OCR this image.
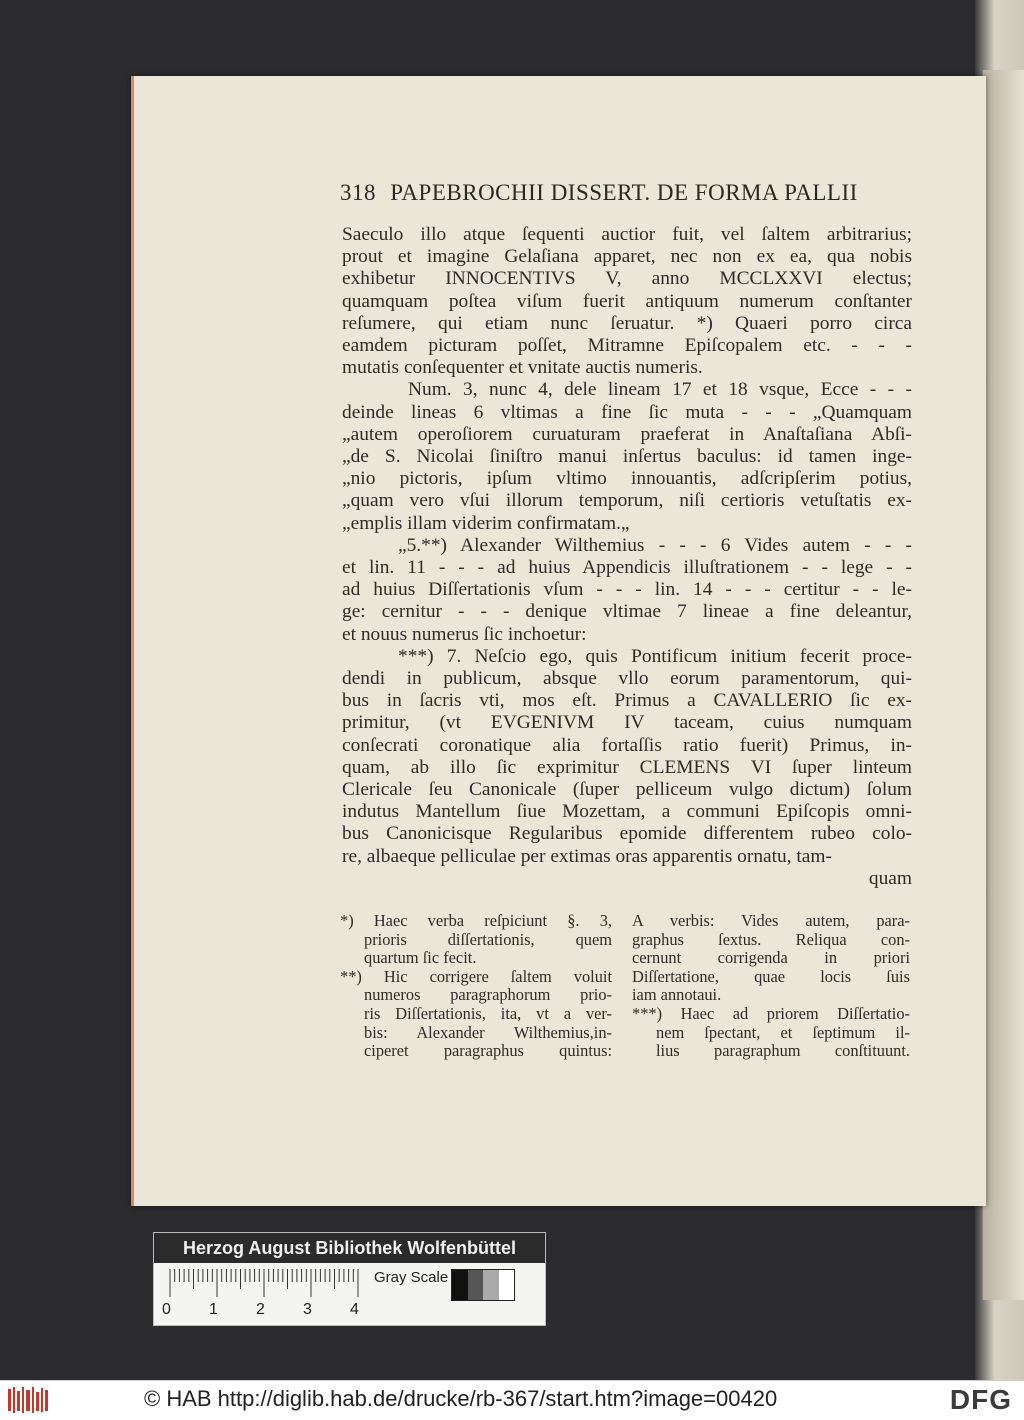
318 PAPEBROCHII DISSERT. DE FORMA PALLII
Saeculo illo atque ſequenti auctior fuit, vel ſaltem arbitrarius;
prout et imagine Gelaſiana apparet, nec non ex ea, qua nobis
exhibetur INNOCENTIVS V, anno MCCLXXVI electus;
quamquam poſtea viſum fuerit antiquum numerum conſtanter
reſumere, qui etiam nunc ſeruatur. *) Quaeri porro circa
eamdem picturam poſſet, Mitramne Epiſcopalem etc. - - -
mutatis conſequenter et vnitate auctis numeris.
Num. 3, nunc 4, dele lineam 17 et 18 vsque, Ecce - - -
deinde lineas 6 vltimas a fine ſic muta - - - „Quamquam
„autem operoſiorem curuaturam praeferat in Anaſtaſiana Abſi-
„de S. Nicolai ſiniſtro manui inſertus baculus: id tamen inge-
„nio pictoris, ipſum vltimo innouantis, adſcripſerim potius,
„quam vero vſui illorum temporum, niſi certioris vetuſtatis ex-
„emplis illam viderim confirmatam.„
„5.**) Alexander Wilthemius - - - 6 Vides autem - - -
et lin. 11 - - - ad huius Appendicis illuſtrationem - - lege - -
ad huius Diſſertationis vſum - - - lin. 14 - - - certitur - - le-
ge: cernitur - - - denique vltimae 7 lineae a fine deleantur,
et nouus numerus ſic inchoetur:
***) 7. Neſcio ego, quis Pontificum initium fecerit proce-
dendi in publicum, absque vllo eorum paramentorum, qui-
bus in ſacris vti, mos eſt. Primus a CAVALLERIO ſic ex-
primitur, (vt EVGENIVM IV taceam, cuius numquam
conſecrati coronatique alia fortaſſis ratio fuerit) Primus, in-
quam, ab illo ſic exprimitur CLEMENS VI ſuper linteum
Clericale ſeu Canonicale (ſuper pelliceum vulgo dictum) ſolum
indutus Mantellum ſiue Mozettam, a communi Epiſcopis omni-
bus Canonicisque Regularibus epomide differentem rubeo colo-
re, albaeque pelliculae per extimas oras apparentis ornatu, tam-
quam
*) Haec verba reſpiciunt §. 3,
prioris diſſertationis, quem
quartum ſic fecit.
**) Hic corrigere ſaltem voluit
numeros paragraphorum prio-
ris Diſſertationis, ita, vt a ver-
bis: Alexander Wilthemius,in-
ciperet paragraphus quintus:
A verbis: Vides autem, para-
graphus ſextus. Reliqua con-
cernunt corrigenda in priori
Diſſertatione, quae locis ſuis
iam annotaui.
***) Haec ad priorem Diſſertatio-
nem ſpectant, et ſeptimum il-
lius paragraphum conſtituunt.
Herzog August Bibliothek Wolfenbüttel
Gray Scale
0 1 2 3 4
© HAB http://diglib.hab.de/drucke/rb-367/start.htm?image=00420	DFG
